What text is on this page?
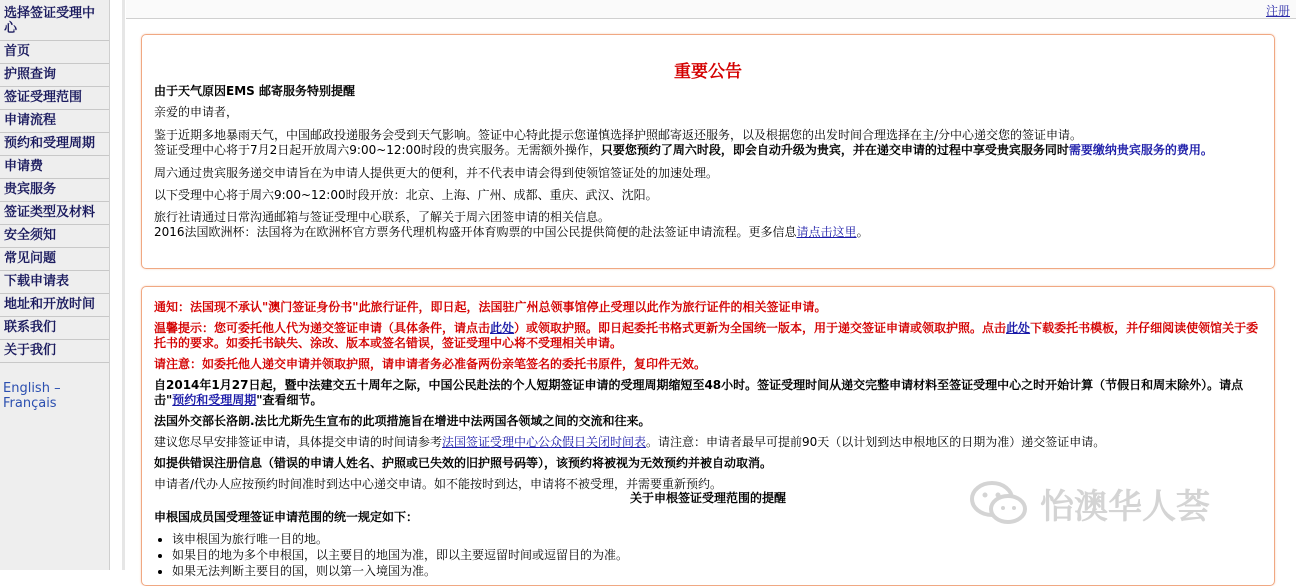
选择签证受理中心
首页
护照查询
签证受理范围
申请流程
预约和受理周期
申请费
贵宾服务
签证类型及材料
安全须知
常见问题
下载申请表
地址和开放时间
联系我们
关于我们
English –
Français
注册
重要公告

由于天气原因EMS 邮寄服务特别提醒

亲爱的申请者，

鉴于近期多地暴雨天气，中国邮政投递服务会受到天气影响。签证中心特此提示您谨慎选择护照邮寄返还服务，以及根据您的出发时间合理选择在主/分中心递交您的签证申请。

签证受理中心将于7月2日起开放周六9:00~12:00时段的贵宾服务。无需额外操作，只要您预约了周六时段，即会自动升级为贵宾，并在递交申请的过程中享受贵宾服务同时需要缴纳贵宾服务的费用。

周六通过贵宾服务递交申请旨在为申请人提供更大的便利，并不代表申请会得到使领馆签证处的加速处理。

以下受理中心将于周六9:00~12:00时段开放：北京、上海、广州、成都、重庆、武汉、沈阳。

旅行社请通过日常沟通邮箱与签证受理中心联系，了解关于周六团签申请的相关信息。

2016法国欧洲杯：法国将为在欧洲杯官方票务代理机构盛开体育购票的中国公民提供简便的赴法签证申请流程。更多信息请点击这里。

通知：法国现不承认"澳门签证身份书"此旅行证件，即日起，法国驻广州总领事馆停止受理以此作为旅行证件的相关签证申请。

温馨提示：您可委托他人代为递交签证申请（具体条件，请点击此处）或领取护照。即日起委托书格式更新为全国统一版本，用于递交签证申请或领取护照。点击此处下载委托书模板，并仔细阅读使领馆关于委托书的要求。如委托书缺失、涂改、版本或签名错误，签证受理中心将不受理相关申请。

请注意：如委托他人递交申请并领取护照，请申请者务必准备两份亲笔签名的委托书原件，复印件无效。

自2014年1月27日起，暨中法建交五十周年之际，中国公民赴法的个人短期签证申请的受理周期缩短至48小时。签证受理时间从递交完整申请材料至签证受理中心之时开始计算（节假日和周末除外）。请点击"预约和受理周期"查看细节。

法国外交部长洛朗.法比尤斯先生宣布的此项措施旨在增进中法两国各领域之间的交流和往来。

建议您尽早安排签证申请，具体提交申请的时间请参考法国签证受理中心公众假日关闭时间表。请注意：申请者最早可提前90天（以计划到达申根地区的日期为准）递交签证申请。

如提供错误注册信息（错误的申请人姓名、护照或已失效的旧护照号码等），该预约将被视为无效预约并被自动取消。

申请者/代办人应按预约时间准时到达中心递交申请。如不能按时到达，申请将不被受理，并需要重新预约。

关于申根签证受理范围的提醒

申根国成员国受理签证申请范围的统一规定如下：

• 该申根国为旅行唯一目的地。
• 如果目的地为多个申根国，以主要目的地国为准，即以主要逗留时间或逗留目的为准。
• 如果无法判断主要目的国，则以第一入境国为准。
怡澳华人荟
